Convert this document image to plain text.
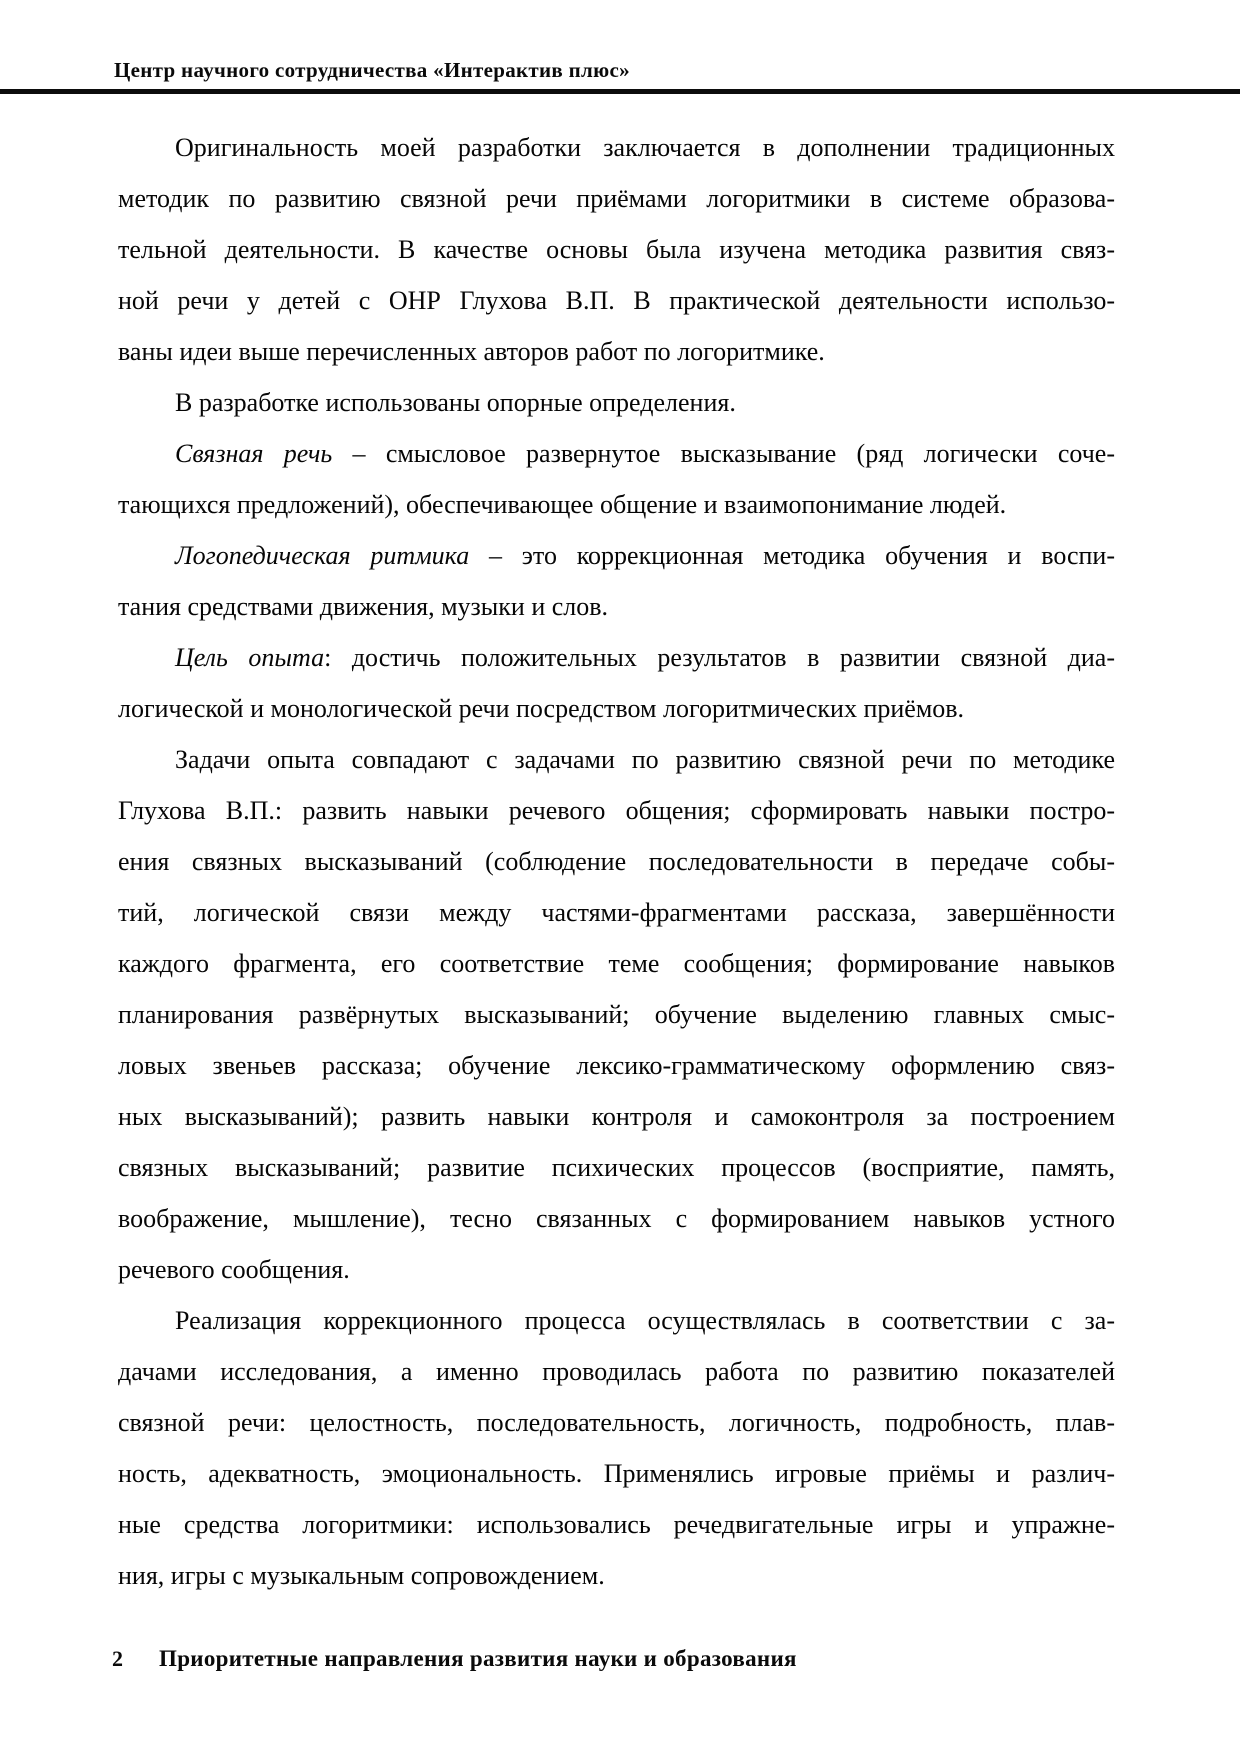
Центр научного сотрудничества «Интерактив плюс»
Оригинальность моей разработки заключается в дополнении традиционных
методик по развитию связной речи приёмами логоритмики в системе образова-
тельной деятельности. В качестве основы была изучена методика развития связ-
ной речи у детей с ОНР Глухова В.П. В практической деятельности использо-
ваны идеи выше перечисленных авторов работ по логоритмике.
В разработке использованы опорные определения.
Связная речь – смысловое развернутое высказывание (ряд логически соче-
тающихся предложений), обеспечивающее общение и взаимопонимание людей.
Логопедическая ритмика – это коррекционная методика обучения и воспи-
тания средствами движения, музыки и слов.
Цель опыта: достичь положительных результатов в развитии связной диа-
логической и монологической речи посредством логоритмических приёмов.
Задачи опыта совпадают с задачами по развитию связной речи по методике
Глухова В.П.: развить навыки речевого общения; сформировать навыки постро-
ения связных высказываний (соблюдение последовательности в передаче собы-
тий, логической связи между частями-фрагментами рассказа, завершённости
каждого фрагмента, его соответствие теме сообщения; формирование навыков
планирования развёрнутых высказываний; обучение выделению главных смыс-
ловых звеньев рассказа; обучение лексико-грамматическому оформлению связ-
ных высказываний); развить навыки контроля и самоконтроля за построением
связных высказываний; развитие психических процессов (восприятие, память,
воображение, мышление), тесно связанных с формированием навыков устного
речевого сообщения.
Реализация коррекционного процесса осуществлялась в соответствии с за-
дачами исследования, а именно проводилась работа по развитию показателей
связной речи: целостность, последовательность, логичность, подробность, плав-
ность, адекватность, эмоциональность. Применялись игровые приёмы и различ-
ные средства логоритмики: использовались речедвигательные игры и упражне-
ния, игры с музыкальным сопровождением.
2 Приоритетные направления развития науки и образования
